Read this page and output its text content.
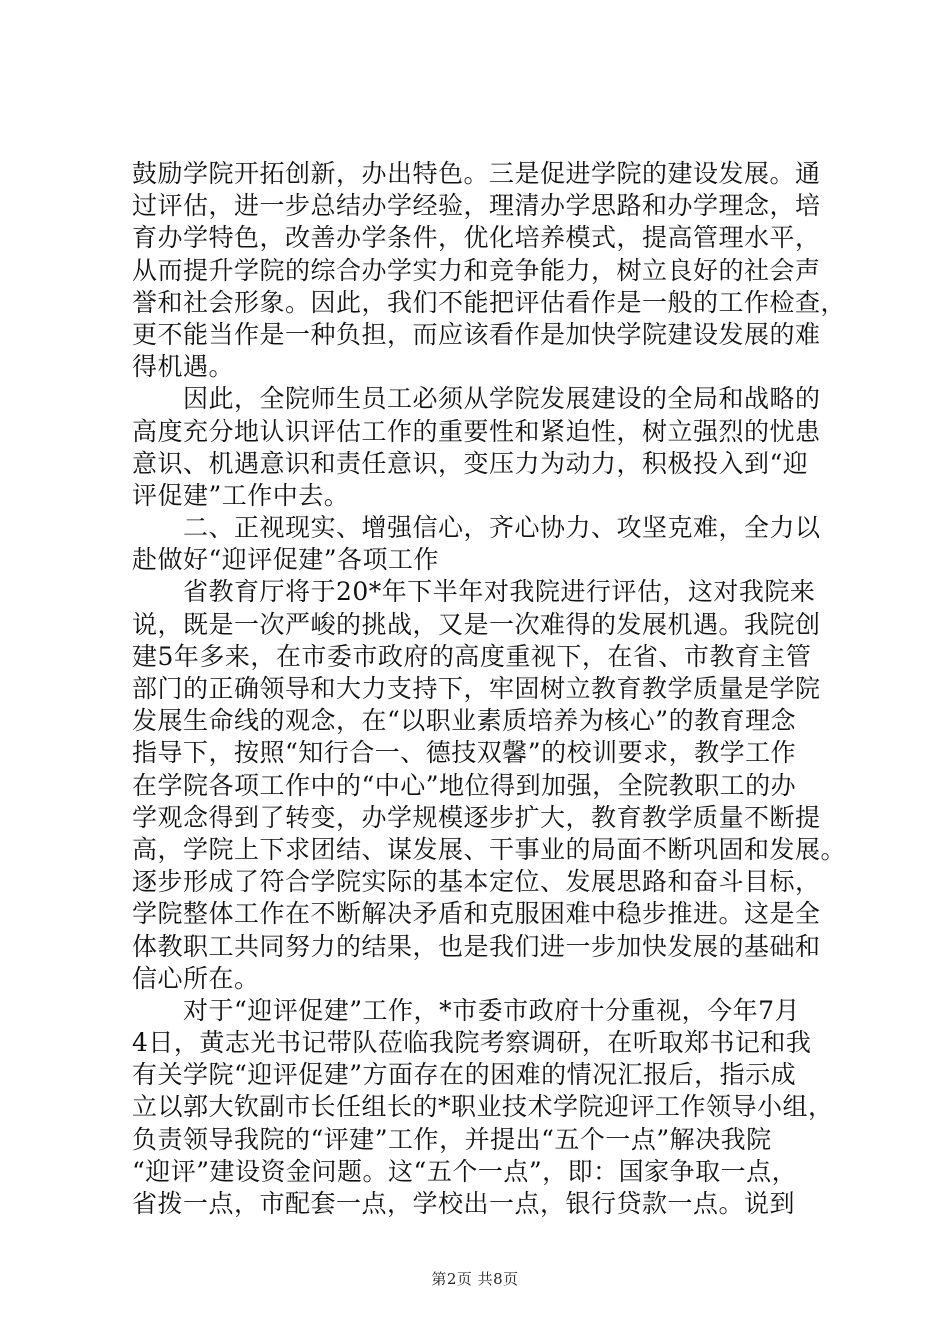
鼓励学院开拓创新，办出特色。三是促进学院的建设发展。通
过评估，进一步总结办学经验，理清办学思路和办学理念，培
育办学特色，改善办学条件，优化培养模式，提高管理水平，
从而提升学院的综合办学实力和竞争能力，树立良好的社会声
誉和社会形象。因此，我们不能把评估看作是一般的工作检查，
更不能当作是一种负担，而应该看作是加快学院建设发展的难
得机遇。
　　因此，全院师生员工必须从学院发展建设的全局和战略的
高度充分地认识评估工作的重要性和紧迫性，树立强烈的忧患
意识、机遇意识和责任意识，变压力为动力，积极投入到“迎
评促建”工作中去。
　　二、正视现实、增强信心，齐心协力、攻坚克难，全力以
赴做好“迎评促建”各项工作
　　省教育厅将于20*年下半年对我院进行评估，这对我院来
说，既是一次严峻的挑战，又是一次难得的发展机遇。我院创
建5年多来，在市委市政府的高度重视下，在省、市教育主管
部门的正确领导和大力支持下，牢固树立教育教学质量是学院
发展生命线的观念，在“以职业素质培养为核心”的教育理念
指导下，按照“知行合一、德技双馨”的校训要求，教学工作
在学院各项工作中的“中心”地位得到加强，全院教职工的办
学观念得到了转变，办学规模逐步扩大，教育教学质量不断提
高，学院上下求团结、谋发展、干事业的局面不断巩固和发展。
逐步形成了符合学院实际的基本定位、发展思路和奋斗目标，
学院整体工作在不断解决矛盾和克服困难中稳步推进。这是全
体教职工共同努力的结果，也是我们进一步加快发展的基础和
信心所在。
　　对于“迎评促建”工作，*市委市政府十分重视，今年7月
4日，黄志光书记带队莅临我院考察调研，在听取郑书记和我
有关学院“迎评促建”方面存在的困难的情况汇报后，指示成
立以郭大钦副市长任组长的*职业技术学院迎评工作领导小组，
负责领导我院的“评建”工作，并提出“五个一点”解决我院
“迎评”建设资金问题。这“五个一点”，即：国家争取一点，
省拨一点，市配套一点，学校出一点，银行贷款一点。说到
第2页 共8页
